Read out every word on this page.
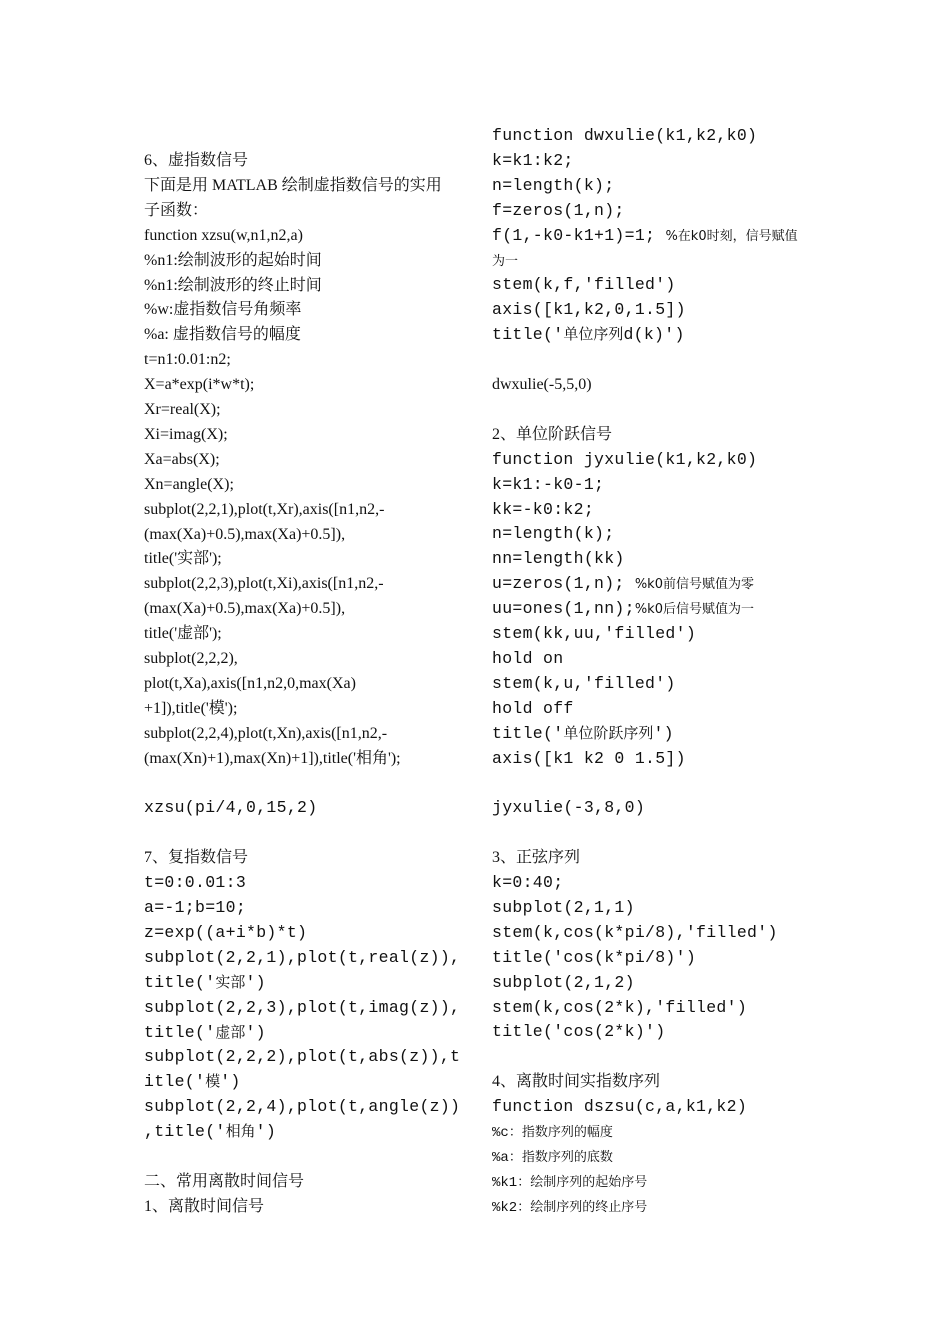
6、虚指数信号
下面是用 MATLAB 绘制虚指数信号的实用
子函数：
function xzsu(w,n1,n2,a)
%n1:绘制波形的起始时间
%n1:绘制波形的终止时间
%w:虚指数信号角频率
%a: 虚指数信号的幅度
t=n1:0.01:n2;
X=a*exp(i*w*t);
Xr=real(X);
Xi=imag(X);
Xa=abs(X);
Xn=angle(X);
subplot(2,2,1),plot(t,Xr),axis([n1,n2,-
(max(Xa)+0.5),max(Xa)+0.5]),
title('实部');
subplot(2,2,3),plot(t,Xi),axis([n1,n2,-
(max(Xa)+0.5),max(Xa)+0.5]),
title('虚部');
subplot(2,2,2),
plot(t,Xa),axis([n1,n2,0,max(Xa)
+1]),title('模');
subplot(2,2,4),plot(t,Xn),axis([n1,n2,-
(max(Xn)+1),max(Xn)+1]),title('相角');
xzsu(pi/4,0,15,2)
7、复指数信号
t=0:0.01:3
a=-1;b=10;
z=exp((a+i*b)*t)
subplot(2,2,1),plot(t,real(z)),
title('实部')
subplot(2,2,3),plot(t,imag(z)),
title('虚部')
subplot(2,2,2),plot(t,abs(z)),t
itle('模')
subplot(2,2,4),plot(t,angle(z))
,title('相角')
二、常用离散时间信号
1、离散时间信号
function dwxulie(k1,k2,k0)
k=k1:k2;
n=length(k);
f=zeros(1,n);
f(1,-k0-k1+1)=1; %在k0时刻，信号赋值
为一
stem(k,f,'filled')
axis([k1,k2,0,1.5])
title('单位序列d(k)')
dwxulie(-5,5,0)
2、单位阶跃信号
function jyxulie(k1,k2,k0)
k=k1:-k0-1;
kk=-k0:k2;
n=length(k);
nn=length(kk)
u=zeros(1,n); %k0前信号赋值为零
uu=ones(1,nn);%k0后信号赋值为一
stem(kk,uu,'filled')
hold on
stem(k,u,'filled')
hold off
title('单位阶跃序列')
axis([k1 k2 0 1.5])
jyxulie(-3,8,0)
3、正弦序列
k=0:40;
subplot(2,1,1)
stem(k,cos(k*pi/8),'filled')
title('cos(k*pi/8)')
subplot(2,1,2)
stem(k,cos(2*k),'filled')
title('cos(2*k)')
4、离散时间实指数序列
function dszsu(c,a,k1,k2)
%c：指数序列的幅度
%a：指数序列的底数
%k1：绘制序列的起始序号
%k2：绘制序列的终止序号
